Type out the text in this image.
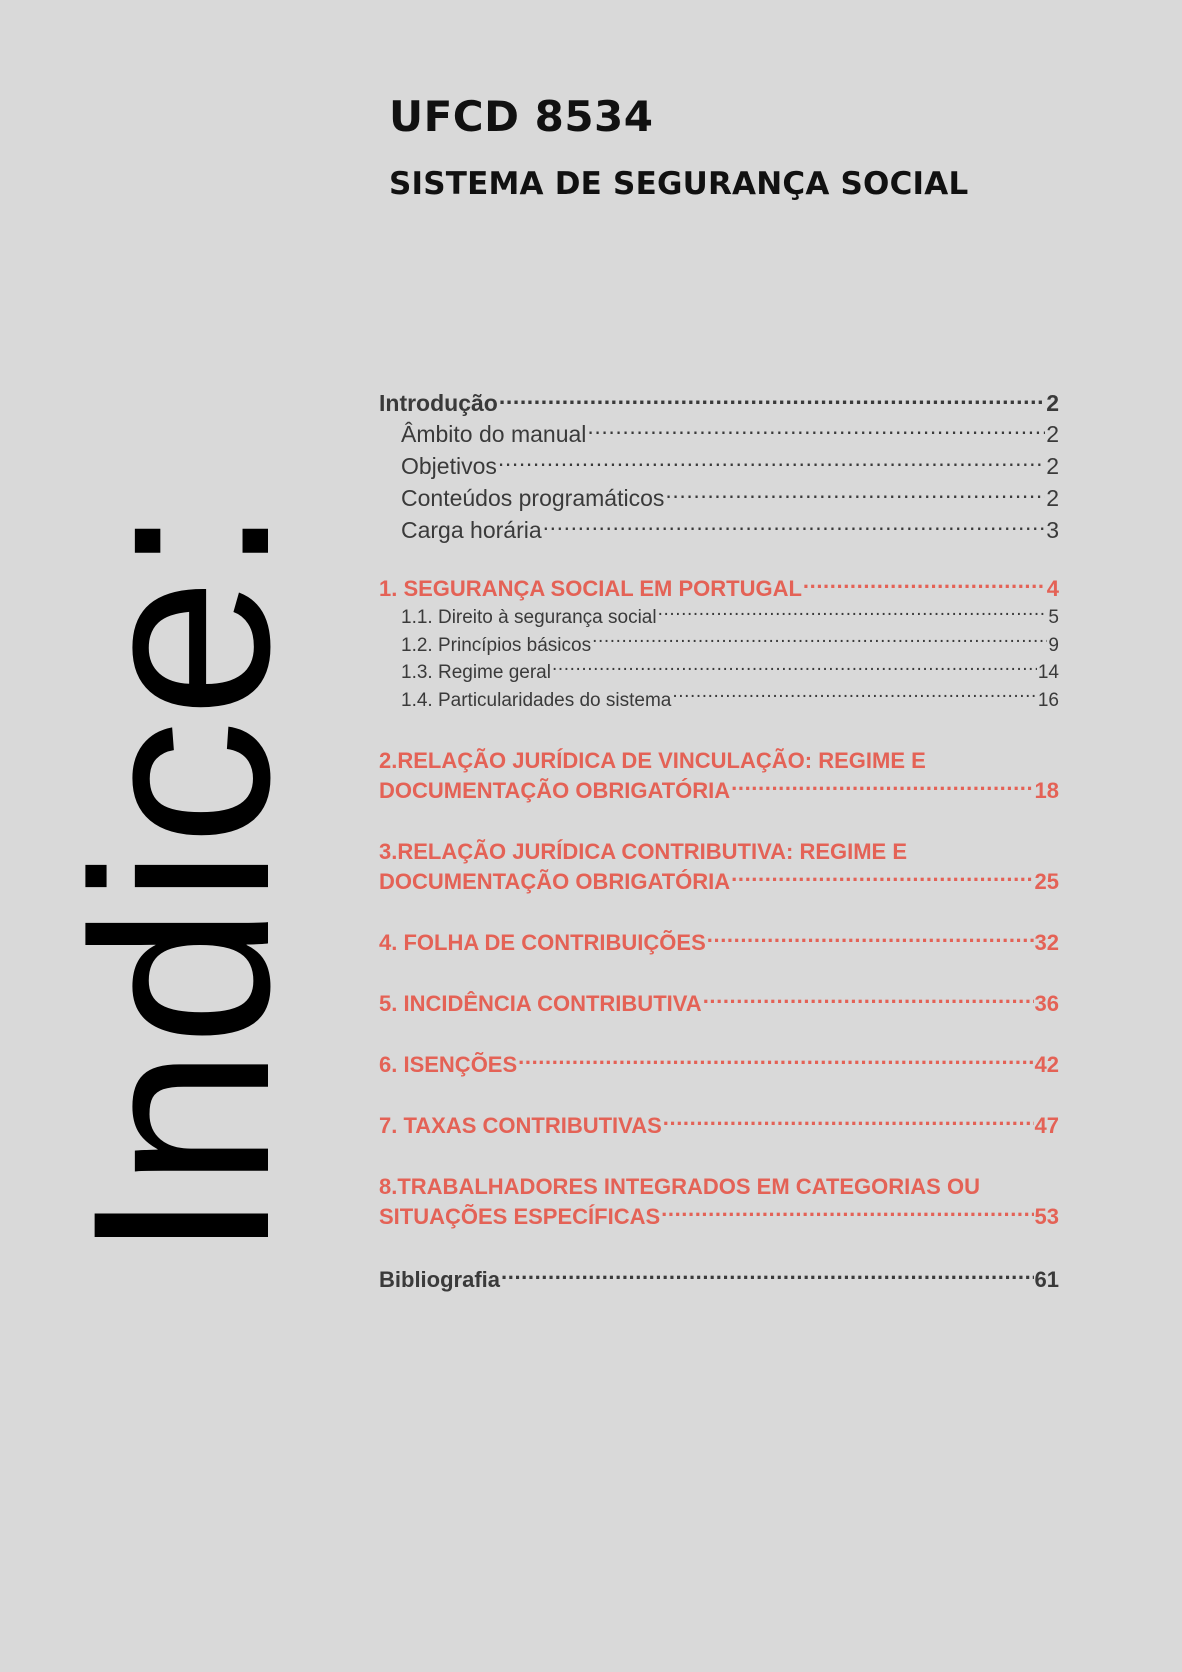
UFCD 8534
SISTEMA DE SEGURANÇA SOCIAL
Indice:
Introdução .....	2
Âmbito do manual .....	2
Objetivos .....	2
Conteúdos programáticos .....	2
Carga horária .....	3
1. SEGURANÇA SOCIAL EM PORTUGAL .....	4
1.1. Direito à segurança social .....	5
1.2. Princípios básicos .....	9
1.3. Regime geral .....	14
1.4. Particularidades do sistema .....	16
2.RELAÇÃO JURÍDICA DE VINCULAÇÃO: REGIME E
DOCUMENTAÇÃO OBRIGATÓRIA .....	18
3.RELAÇÃO JURÍDICA CONTRIBUTIVA: REGIME E
DOCUMENTAÇÃO OBRIGATÓRIA .....	25
4. FOLHA DE CONTRIBUIÇÕES .....	32
5. INCIDÊNCIA CONTRIBUTIVA .....	36
6. ISENÇÕES .....	42
7. TAXAS CONTRIBUTIVAS .....	47
8.TRABALHADORES INTEGRADOS EM CATEGORIAS OU
SITUAÇÕES ESPECÍFICAS .....	53
Bibliografia .....	61
